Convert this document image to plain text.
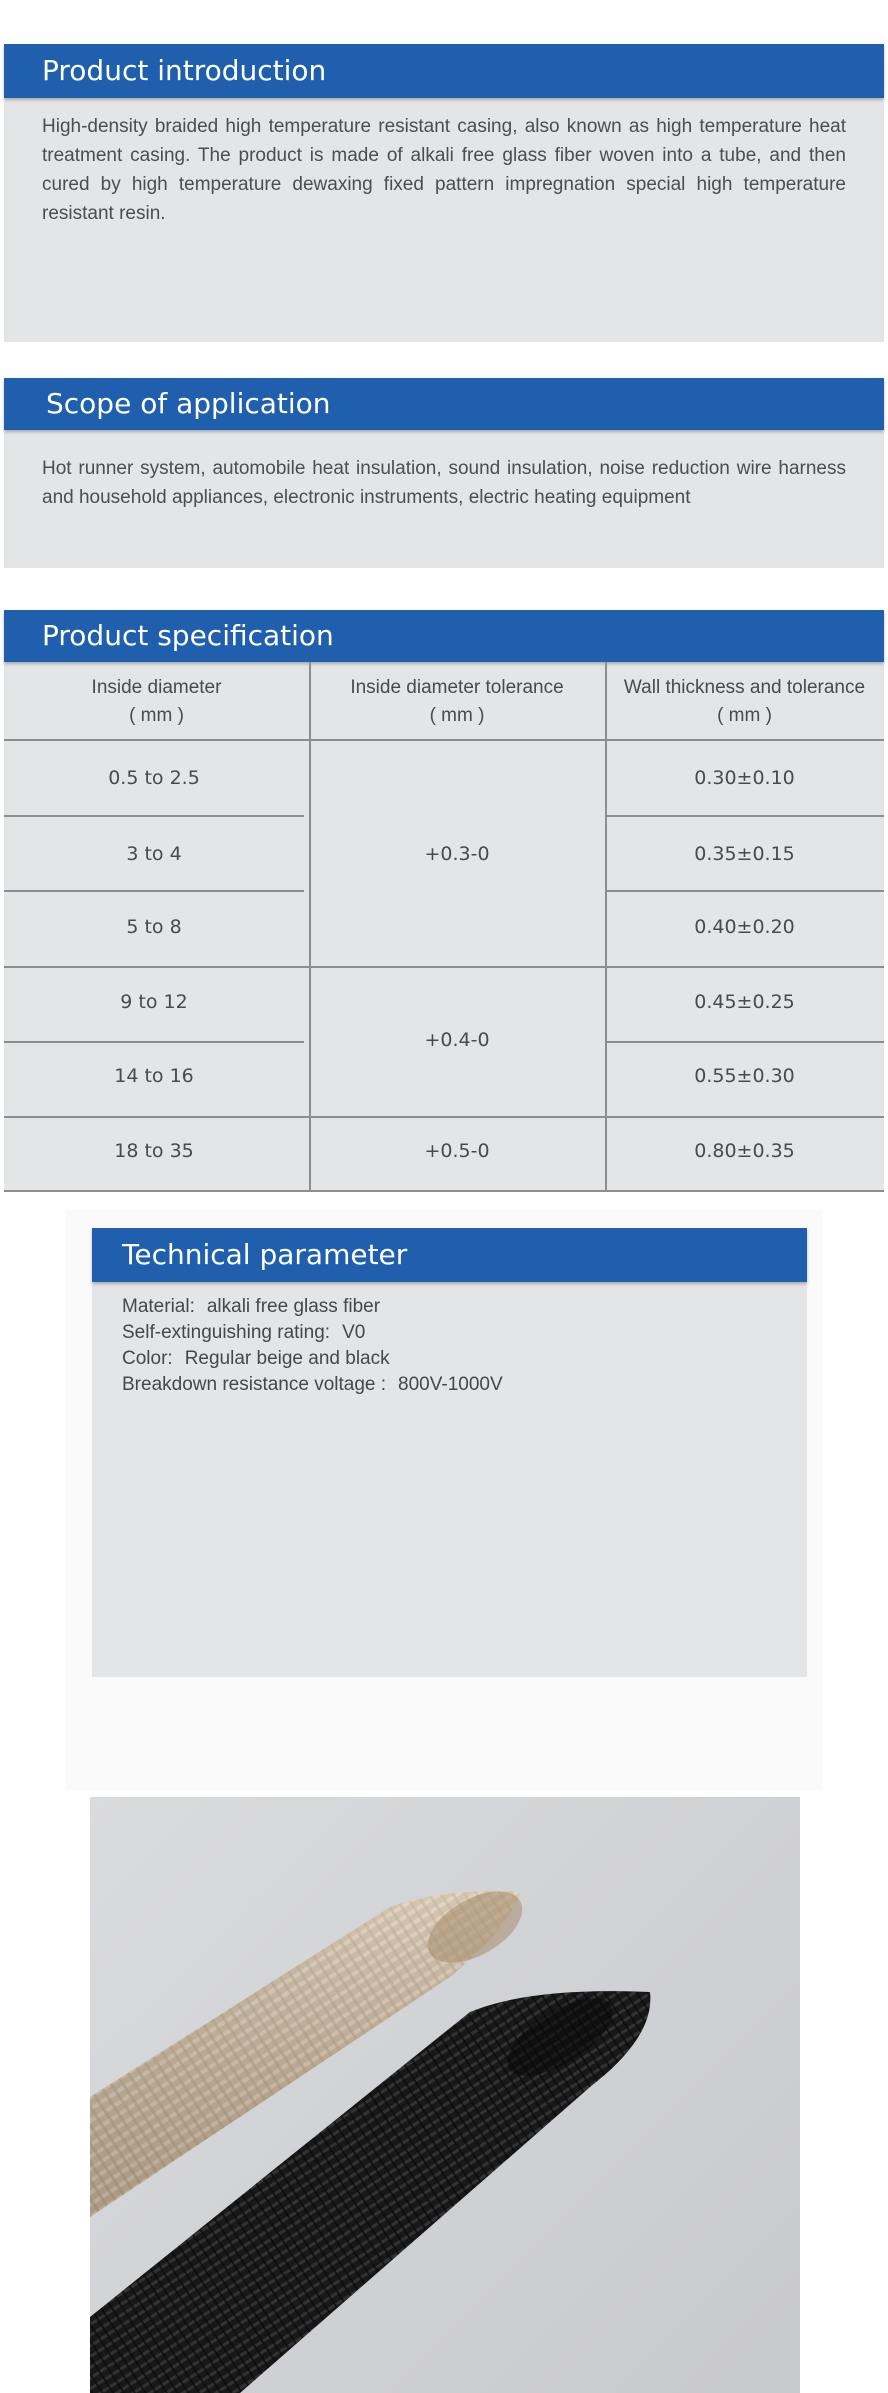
Product introduction
High-density braided high temperature resistant casing, also known as high temperature heat treatment casing. The product is made of alkali free glass fiber woven into a tube, and then cured by high temperature dewaxing fixed pattern impregnation special high temperature resistant resin.
Scope of application
Hot runner system, automobile heat insulation, sound insulation, noise reduction wire harness and household appliances, electronic instruments, electric heating equipment
Product specification
Inside diameter
( mm )
Inside diameter tolerance
( mm )
Wall thickness and tolerance
( mm )
0.5 to 2.5
3 to 4
5 to 8
9 to 12
14 to 16
18 to 35
+0.3-0
+0.4-0
+0.5-0
0.30±0.10
0.35±0.15
0.40±0.20
0.45±0.25
0.55±0.30
0.80±0.35
Technical parameter
Material: alkali free glass fiber
Self-extinguishing rating: V0
Color: Regular beige and black
Breakdown resistance voltage : 800V-1000V
